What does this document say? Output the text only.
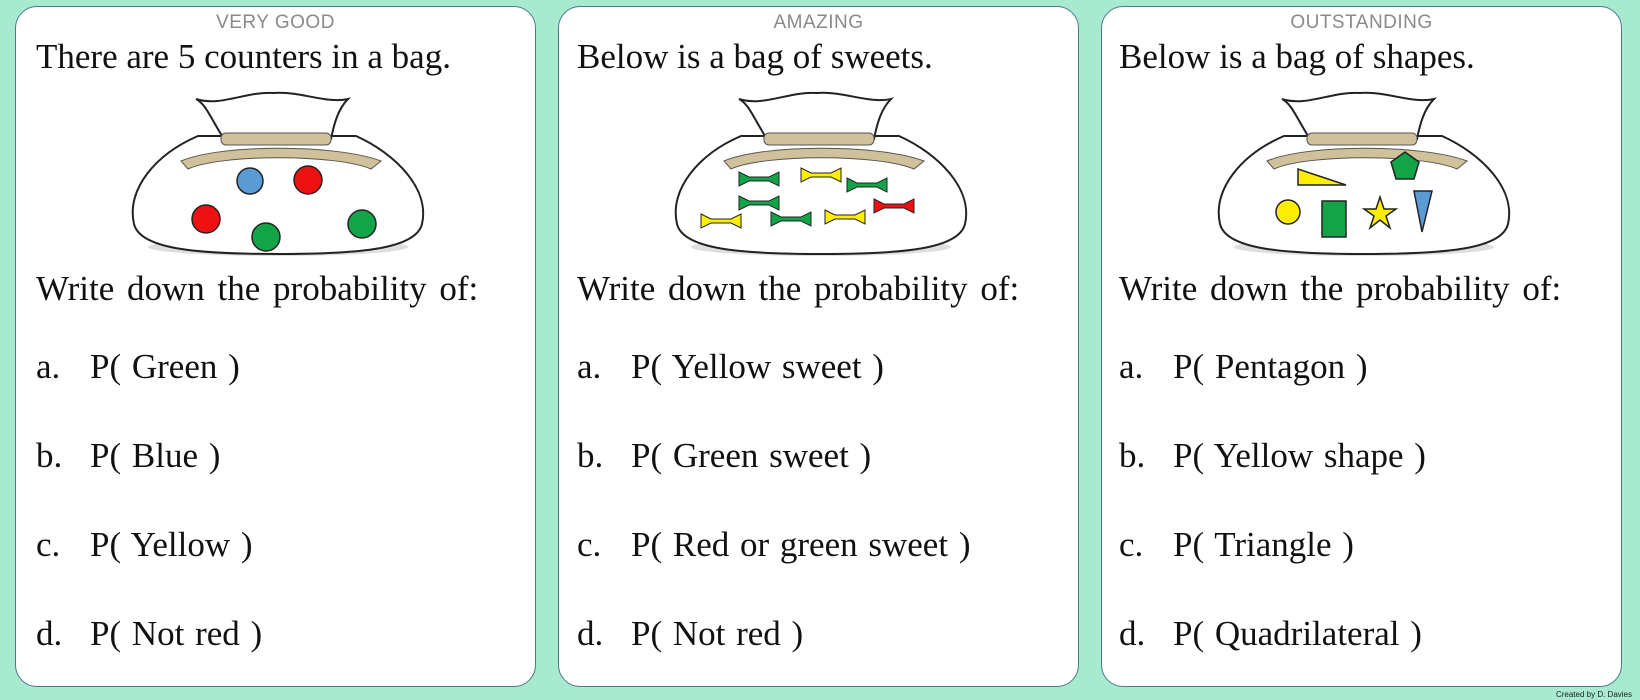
VERY GOOD
There are 5 counters in a bag.
Write down the probability of:
a. P( Green )
b. P( Blue )
c. P( Yellow )
d. P( Not red )
AMAZING
Below is a bag of sweets.
Write down the probability of:
a. P( Yellow sweet )
b. P( Green sweet )
c. P( Red or green sweet )
d. P( Not red )
OUTSTANDING
Below is a bag of shapes.
Write down the probability of:
a. P( Pentagon )
b. P( Yellow shape )
c. P( Triangle )
d. P( Quadrilateral )
Created by D. Davies
